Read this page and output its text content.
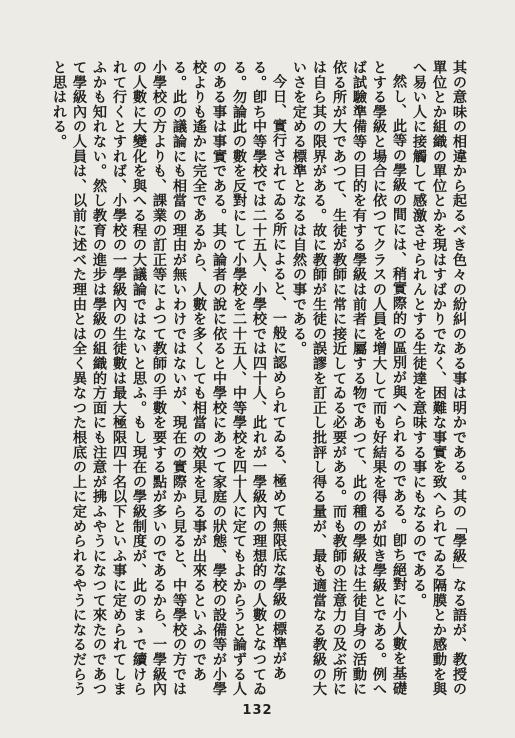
其の意味の相違から起るべき色々の紛糾のある事は明かである。其の「學級」なる語が、教授の單位とか組織の單位とかを現はすばかりでなく、困難な事實を致へられてゐる隔膜とか感動を與へ易い人に接觸して感激させられんとする生徒達を意味する事にもなるのである。

然し、此等の學級の間には、稍實際的の區別が與へられるのである。卽ち絕對に小人數を基礎とする學級と場合に依つてクラスの人員を增大して而も好結果を得るが如き學級とである。例へば試驗準備等の目的を有する學級は前者に屬する物であつて、此の種の學級は生徒自身の活動に依る所が大であつて、生徒が教師に常に接近してゐる必要がある。而も教師の注意力の及ぶ所には自ら其の限界がある。故に教師が生徒の誤謬を訂正し批評し得る量が、最も適當なる教級の大いさを定める標準となるは自然の事である。

今日、實行されてゐる所によると、一般に認められてゐる、極めて無限底な學級の標準がある。卽ち中等學校では二十五人、小學校では四十人、此れが一學級內の理想的の人數となつてゐる。勿論此の數を反對にして小學校を二十五人、中等學校を四十人に定てもよからうと論ずる人のある事は事實である。其の論者の說に依ると中學校にあつて家庭の狀態、學校の設備等が小學校よりも遙かに完全であるから、人數を多くしても相當の效果を見る事が出來るといふのである。此の議論にも相當の理由が無いわけではないが、現在の實際から見ると、中等學校の方では小學校の方よりも、課業の訂正等によつて教師の手數を要する點が多いのであるから、一學級內の人數に大變化を與へる程の大議論ではないと思ふ。もし現在の學級制度が、此のまゝで續けられて行くとすれば、小學校の一學級內の生徒數は最大極限四十名以下といふ事に定められてしまふかも知れない。然し教育の進步は學級の組織的方面にも注意が拂ふやうになつて來たのであつて學級內の人員は、以前に述べた理由とは全く異なつた根底の上に定められるやうになるだらうと思はれる。

132
